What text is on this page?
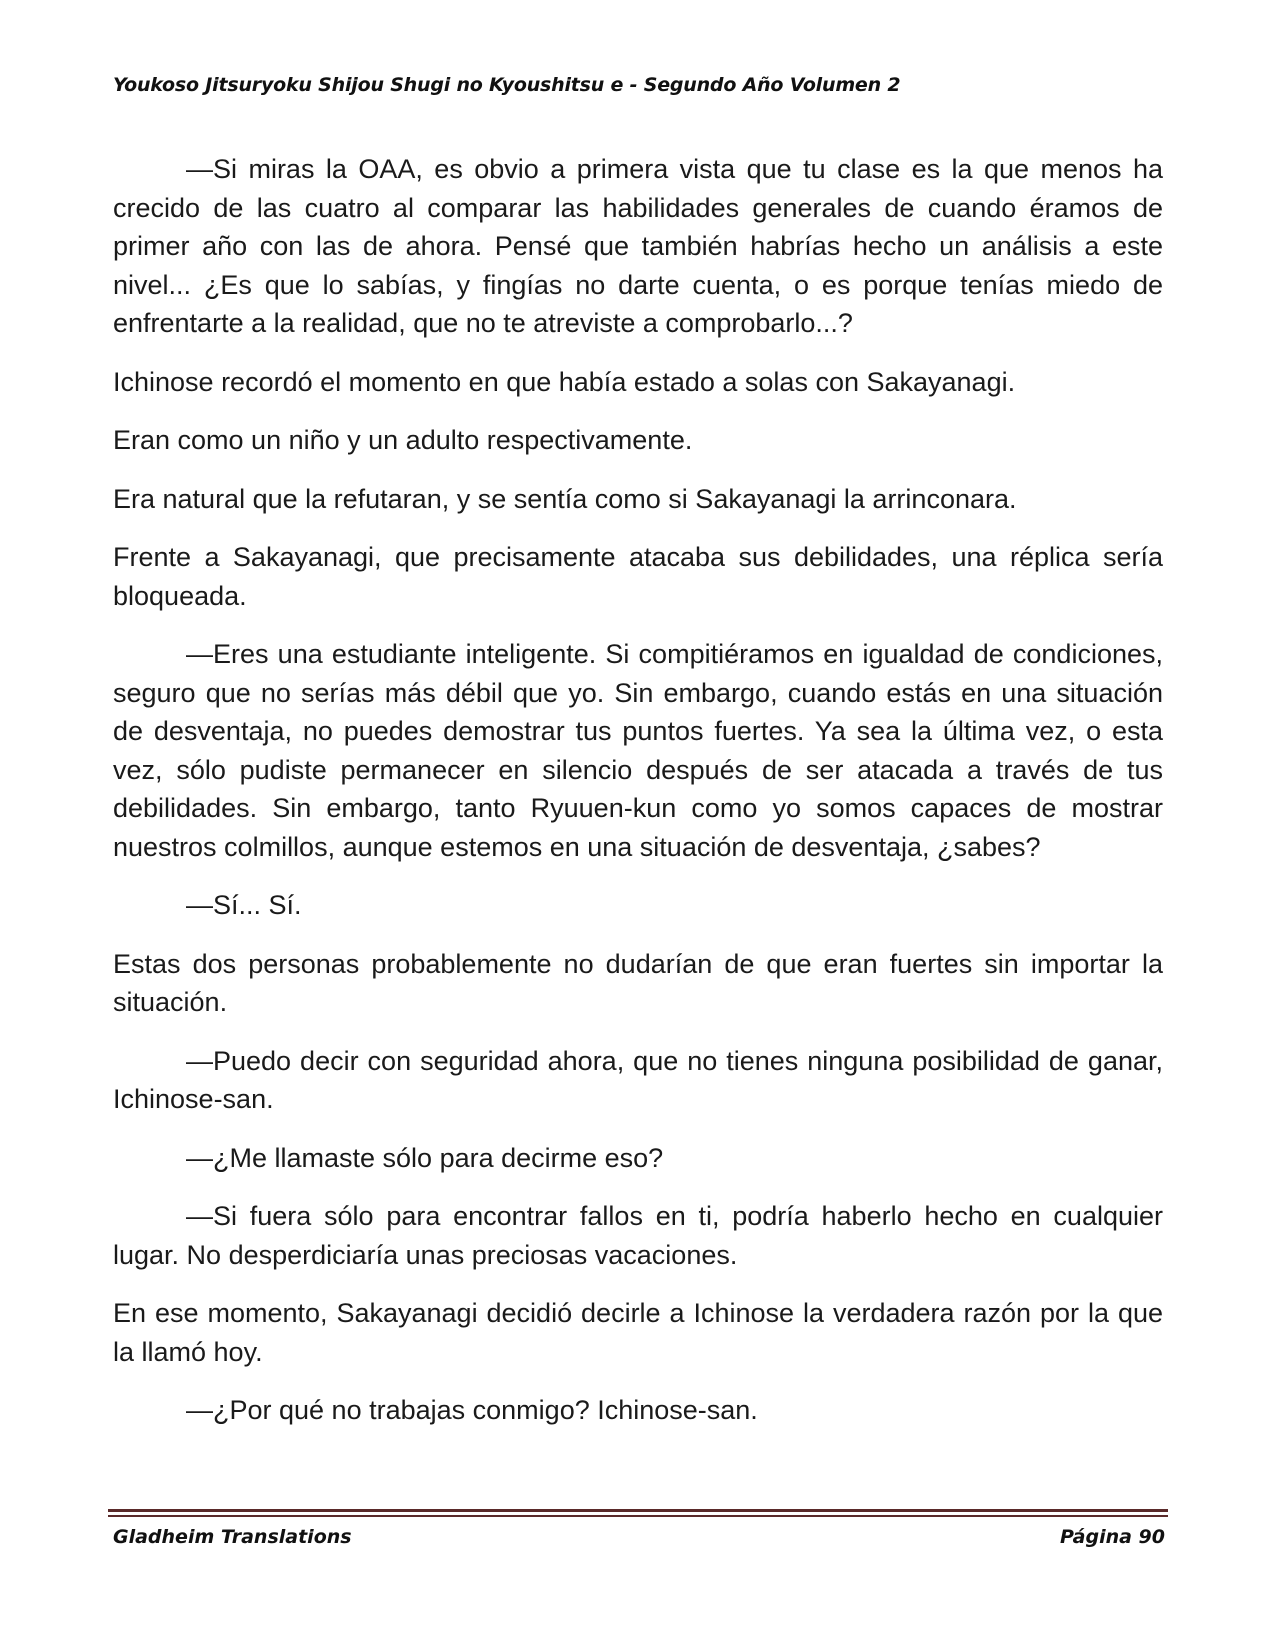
Youkoso Jitsuryoku Shijou Shugi no Kyoushitsu e - Segundo Año Volumen 2

—Si miras la OAA, es obvio a primera vista que tu clase es la que menos ha crecido de las cuatro al comparar las habilidades generales de cuando éramos de primer año con las de ahora. Pensé que también habrías hecho un análisis a este nivel... ¿Es que lo sabías, y fingías no darte cuenta, o es porque tenías miedo de enfrentarte a la realidad, que no te atreviste a comprobarlo...?

Ichinose recordó el momento en que había estado a solas con Sakayanagi.

Eran como un niño y un adulto respectivamente.

Era natural que la refutaran, y se sentía como si Sakayanagi la arrinconara.

Frente a Sakayanagi, que precisamente atacaba sus debilidades, una réplica sería bloqueada.

—Eres una estudiante inteligente. Si compitiéramos en igualdad de condiciones, seguro que no serías más débil que yo. Sin embargo, cuando estás en una situación de desventaja, no puedes demostrar tus puntos fuertes. Ya sea la última vez, o esta vez, sólo pudiste permanecer en silencio después de ser atacada a través de tus debilidades. Sin embargo, tanto Ryuuen-kun como yo somos capaces de mostrar nuestros colmillos, aunque estemos en una situación de desventaja, ¿sabes?

—Sí... Sí.

Estas dos personas probablemente no dudarían de que eran fuertes sin importar la situación.

—Puedo decir con seguridad ahora, que no tienes ninguna posibilidad de ganar, Ichinose-san.

—¿Me llamaste sólo para decirme eso?

—Si fuera sólo para encontrar fallos en ti, podría haberlo hecho en cualquier lugar. No desperdiciaría unas preciosas vacaciones.

En ese momento, Sakayanagi decidió decirle a Ichinose la verdadera razón por la que la llamó hoy.

—¿Por qué no trabajas conmigo? Ichinose-san.

Gladheim Translations	Página 90
